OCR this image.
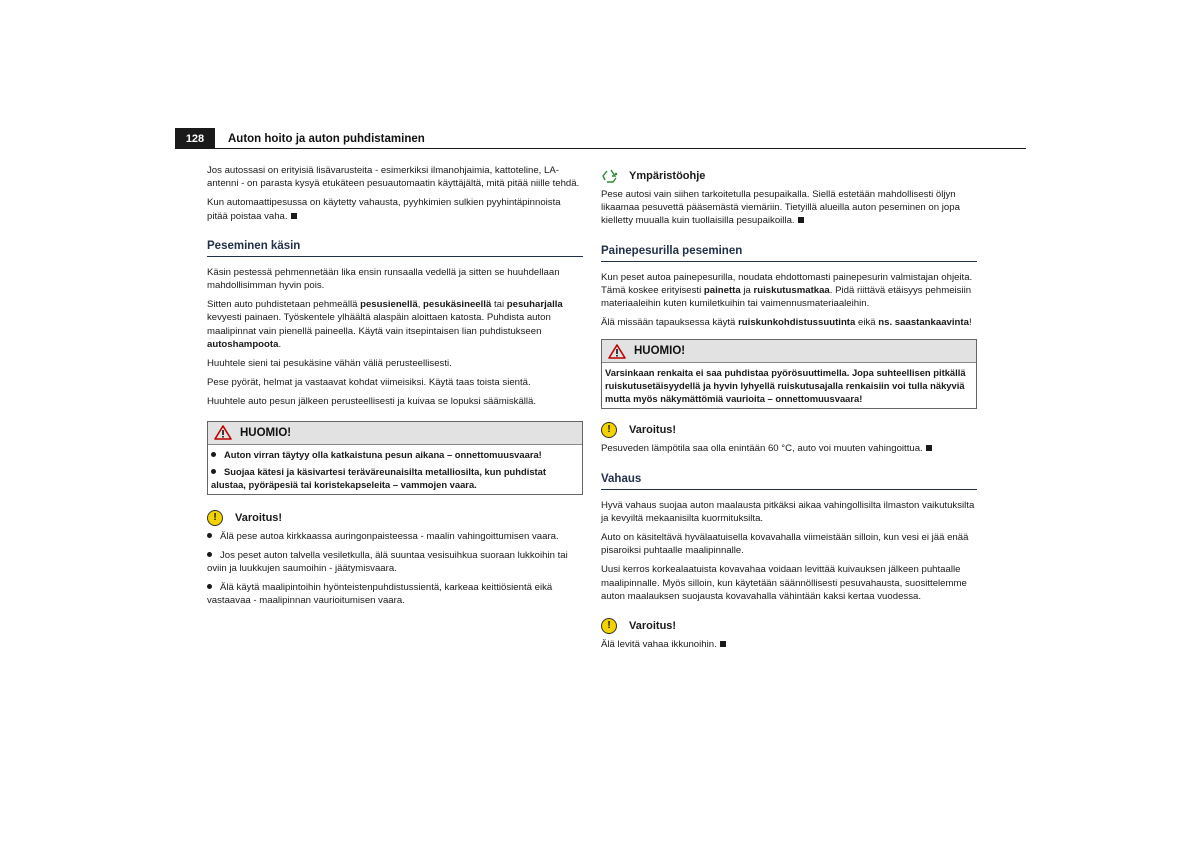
128	Auton hoito ja auton puhdistaminen

Jos autossasi on erityisiä lisävarusteita - esimerkiksi ilmanohjaimia, kattoteline, LA-antenni - on parasta kysyä etukäteen pesuautomaatin käyttäjältä, mitä pitää niille tehdä.

Kun automaattipesussa on käytetty vahausta, pyyhkimien sulkien pyyhintäpinnoista pitää poistaa vaha.

Peseminen käsin

Käsin pestessä pehmennetään lika ensin runsaalla vedellä ja sitten se huuhdellaan mahdollisimman hyvin pois.

Sitten auto puhdistetaan pehmeällä pesusienellä, pesukäsineellä tai pesuharjalla kevyesti painaen. Työskentele ylhäältä alaspäin aloittaen katosta. Puhdista auton maalipinnat vain pienellä paineella. Käytä vain itsepintaisen lian puhdistukseen autoshampoota.

Huuhtele sieni tai pesukäsine vähän väliä perusteellisesti.

Pese pyörät, helmat ja vastaavat kohdat viimeisiksi. Käytä taas toista sientä.

Huuhtele auto pesun jälkeen perusteellisesti ja kuivaa se lopuksi säämiskällä.

HUOMIO!

Auton virran täytyy olla katkaistuna pesun aikana – onnettomuusvaara!

Suojaa kätesi ja käsivartesi teräväreunaisilta metalliosilta, kun puhdistat alustaa, pyöräpesiä tai koristekapseleita – vammojen vaara.

!	Varoitus!

Älä pese autoa kirkkaassa auringonpaisteessa - maalin vahingoittumisen vaara.

Jos peset auton talvella vesiletkulla, älä suuntaa vesisuihkua suoraan lukkoihin tai oviin ja luukkujen saumoihin - jäätymisvaara.

Älä käytä maalipintoihin hyönteistenpuhdistussientä, karkeaa keittiösientä eikä vastaavaa - maalipinnan vaurioitumisen vaara.

Ympäristöohje

Pese autosi vain siihen tarkoitetulla pesupaikalla. Siellä estetään mahdollisesti öljyn likaamaa pesuvettä pääsemästä viemäriin. Tietyillä alueilla auton peseminen on jopa kielletty muualla kuin tuollaisilla pesupaikoilla.

Painepesurilla peseminen

Kun peset autoa painepesurilla, noudata ehdottomasti painepesurin valmistajan ohjeita. Tämä koskee erityisesti painetta ja ruiskutusmatkaa. Pidä riittävä etäisyys pehmeisiin materiaaleihin kuten kumiletkuihin tai vaimennusmateriaaleihin.

Älä missään tapauksessa käytä ruiskunkohdistussuutinta eikä ns. saastankaavinta!

HUOMIO!

Varsinkaan renkaita ei saa puhdistaa pyörösuuttimella. Jopa suhteellisen pitkällä ruiskutusetäisyydellä ja hyvin lyhyellä ruiskutusajalla renkaisiin voi tulla näkyviä mutta myös näkymättömiä vaurioita – onnettomuusvaara!

!	Varoitus!

Pesuveden lämpötila saa olla enintään 60 °C, auto voi muuten vahingoittua.

Vahaus

Hyvä vahaus suojaa auton maalausta pitkäksi aikaa vahingollisilta ilmaston vaikutuksilta ja kevyiltä mekaanisilta kuormituksilta.

Auto on käsiteltävä hyvälaatuisella kovavahalla viimeistään silloin, kun vesi ei jää enää pisaroiksi puhtaalle maalipinnalle.

Uusi kerros korkealaatuista kovavahaa voidaan levittää kuivauksen jälkeen puhtaalle maalipinnalle. Myös silloin, kun käytetään säännöllisesti pesuvahausta, suosittelemme auton maalauksen suojausta kovavahalla vähintään kaksi kertaa vuodessa.

!	Varoitus!

Älä levitä vahaa ikkunoihin.
